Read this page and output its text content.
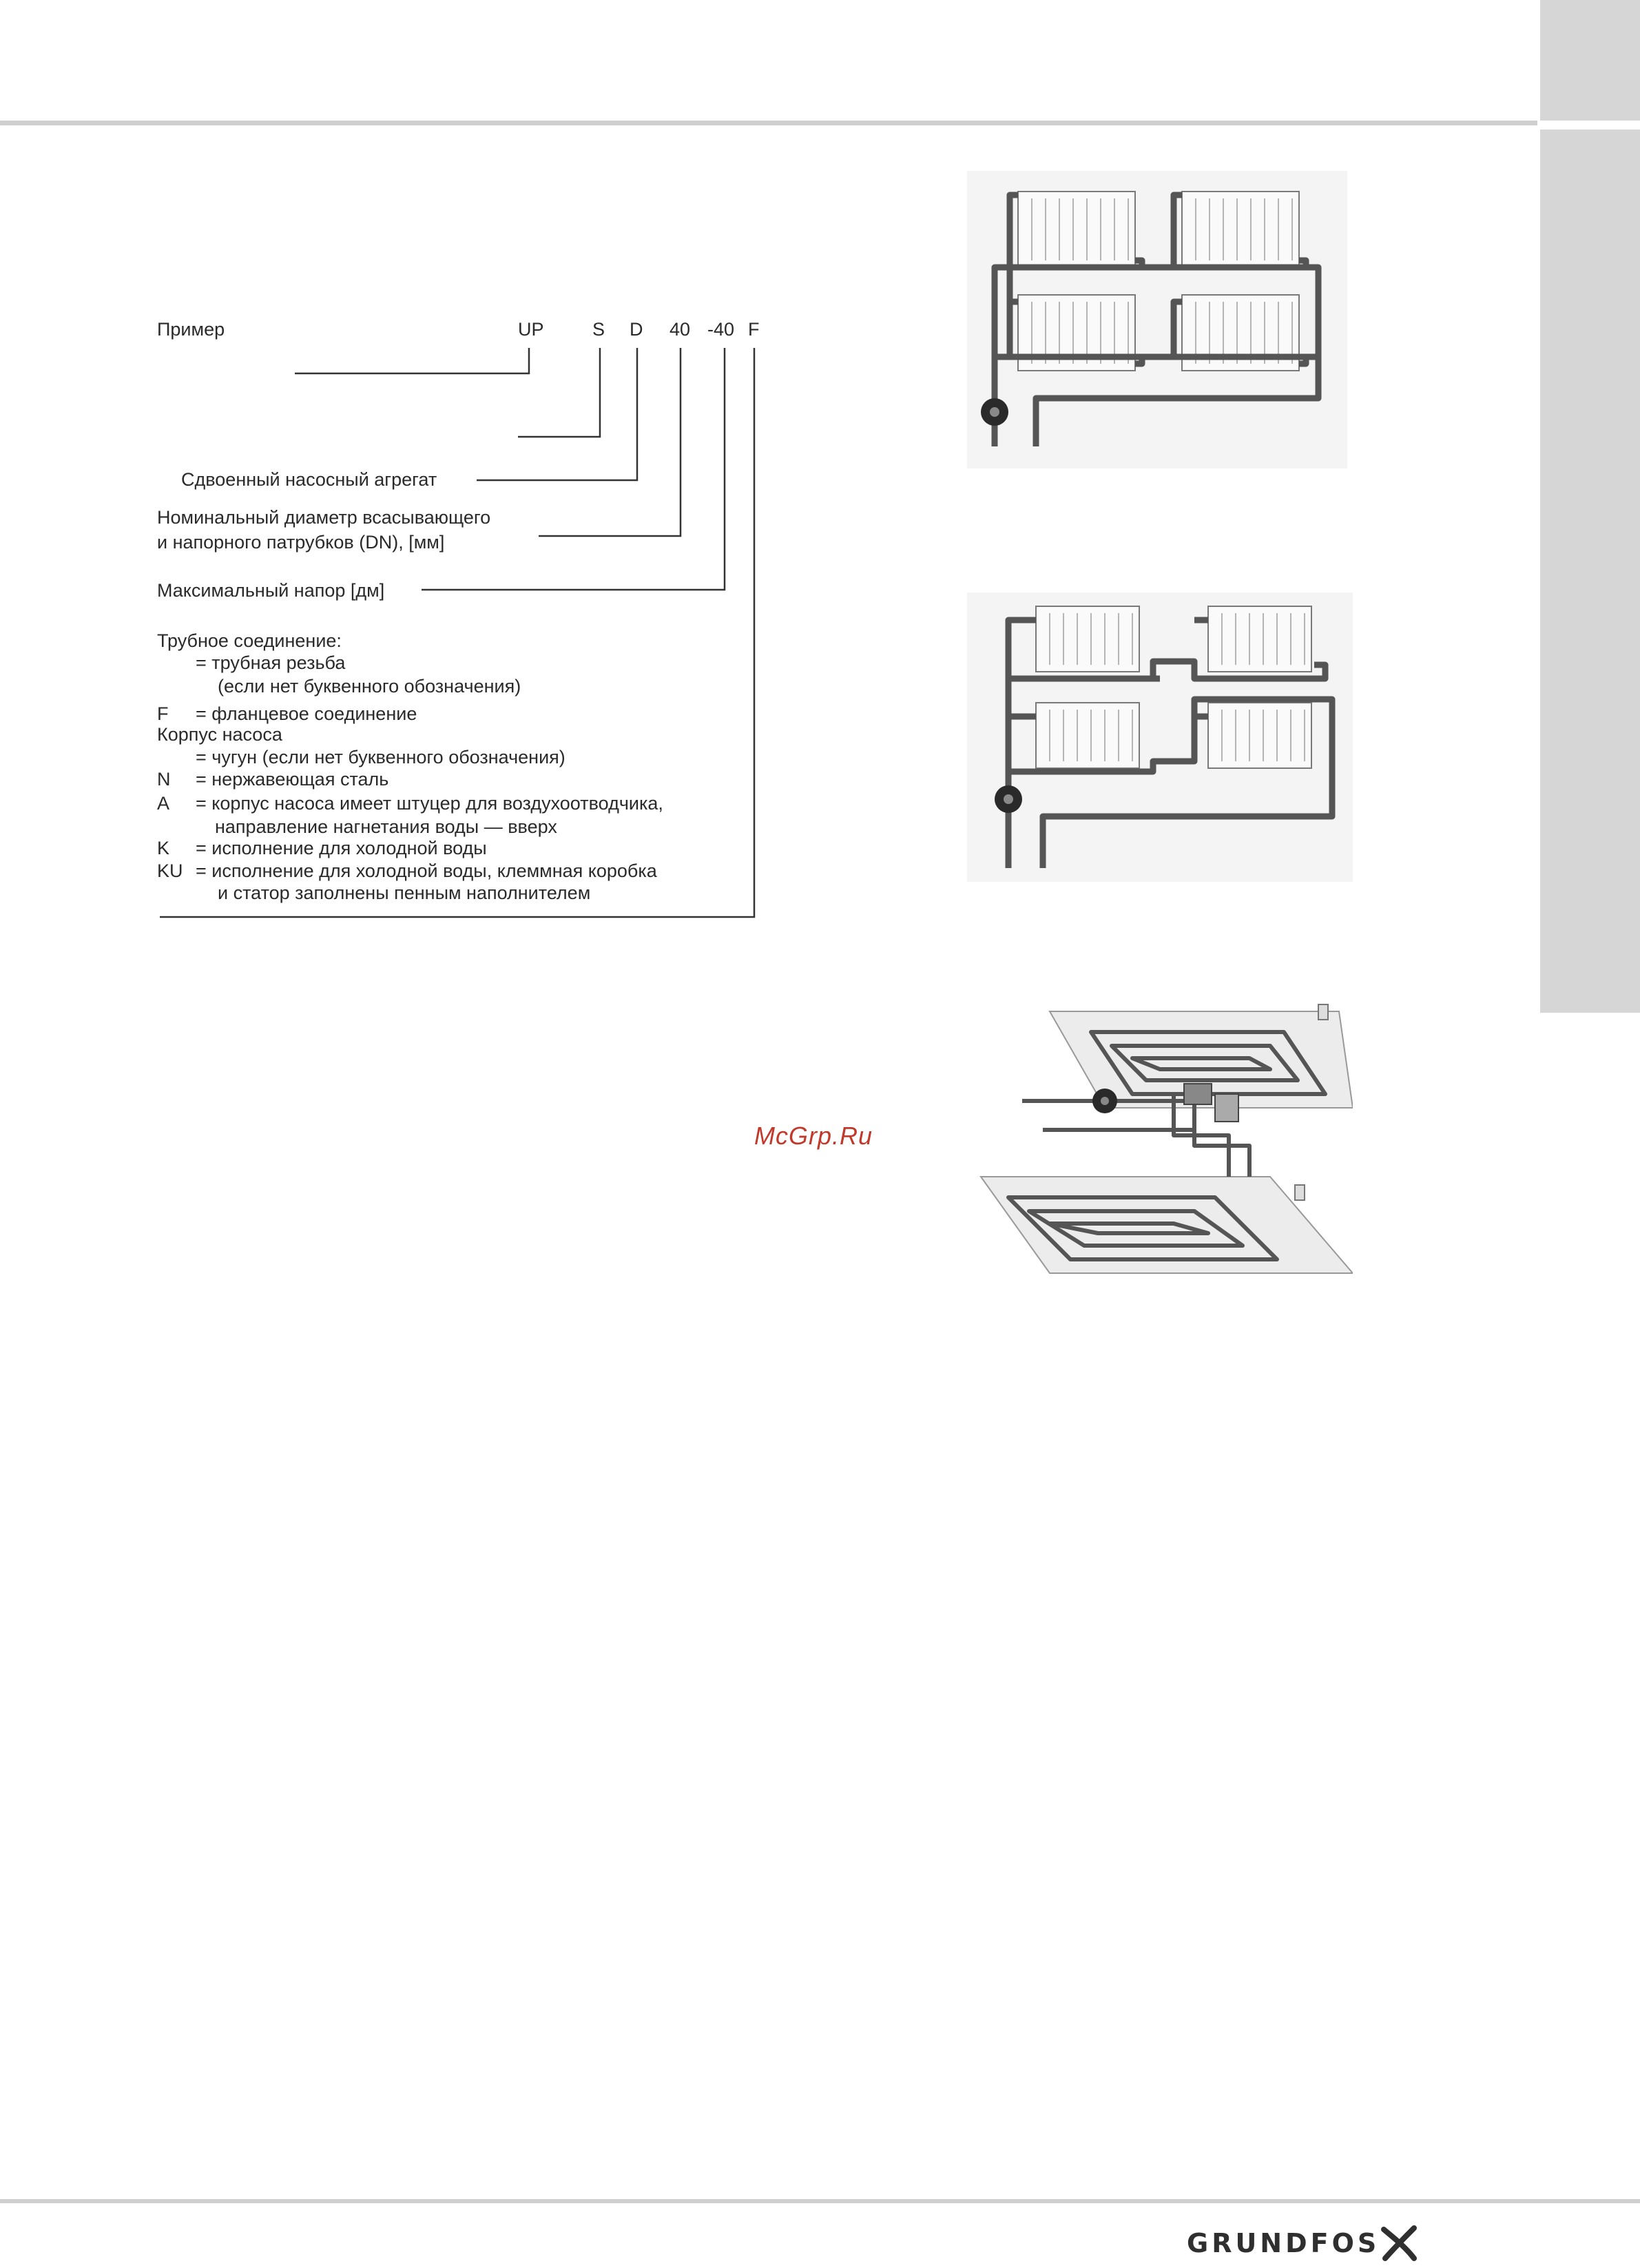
Пример	UP	S D 40 -40 F
Сдвоенный насосный агрегат
Номинальный диаметр всасывающего
и напорного патрубков (DN), [мм]
Максимальный напор [дм]
Трубное соединение:
= трубная резьба
(если нет буквенного обозначения)
F = фланцевое соединение
Корпус насоса
= чугун (если нет буквенного обозначения)
N = нержавеющая сталь
A = корпус насоса имеет штуцер для воздухоотводчика,
направление нагнетания воды — вверх
K = исполнение для холодной воды
KU = исполнение для холодной воды, клеммная коробка
и статор заполнены пенным наполнителем
McGrp.Ru
GRUNDFOS
